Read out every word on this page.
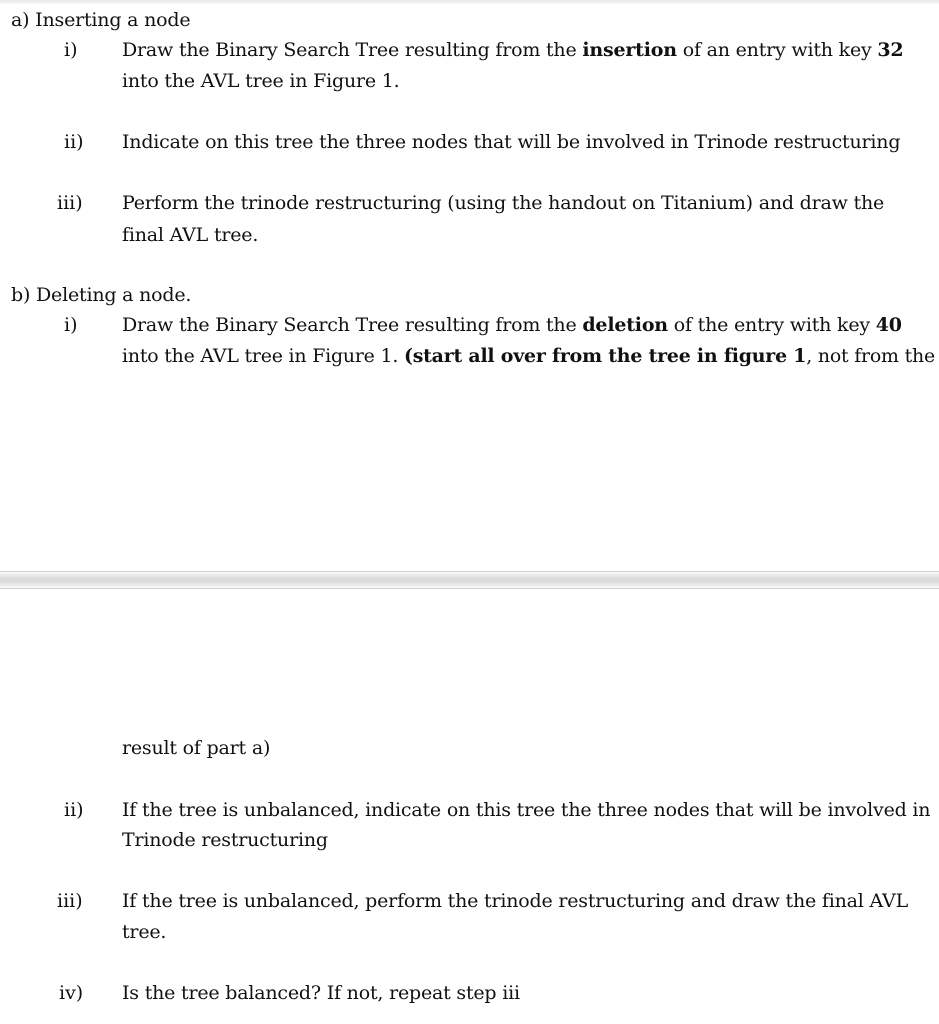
a) Inserting a node
i) Draw the Binary Search Tree resulting from the insertion of an entry with key 32
into the AVL tree in Figure 1.
ii) Indicate on this tree the three nodes that will be involved in Trinode restructuring
iii) Perform the trinode restructuring (using the handout on Titanium) and draw the
final AVL tree.
b) Deleting a node.
i) Draw the Binary Search Tree resulting from the deletion of the entry with key 40
into the AVL tree in Figure 1. (start all over from the tree in figure 1, not from the
result of part a)
ii) If the tree is unbalanced, indicate on this tree the three nodes that will be involved in
Trinode restructuring
iii) If the tree is unbalanced, perform the trinode restructuring and draw the final AVL
tree.
iv) Is the tree balanced? If not, repeat step iii
